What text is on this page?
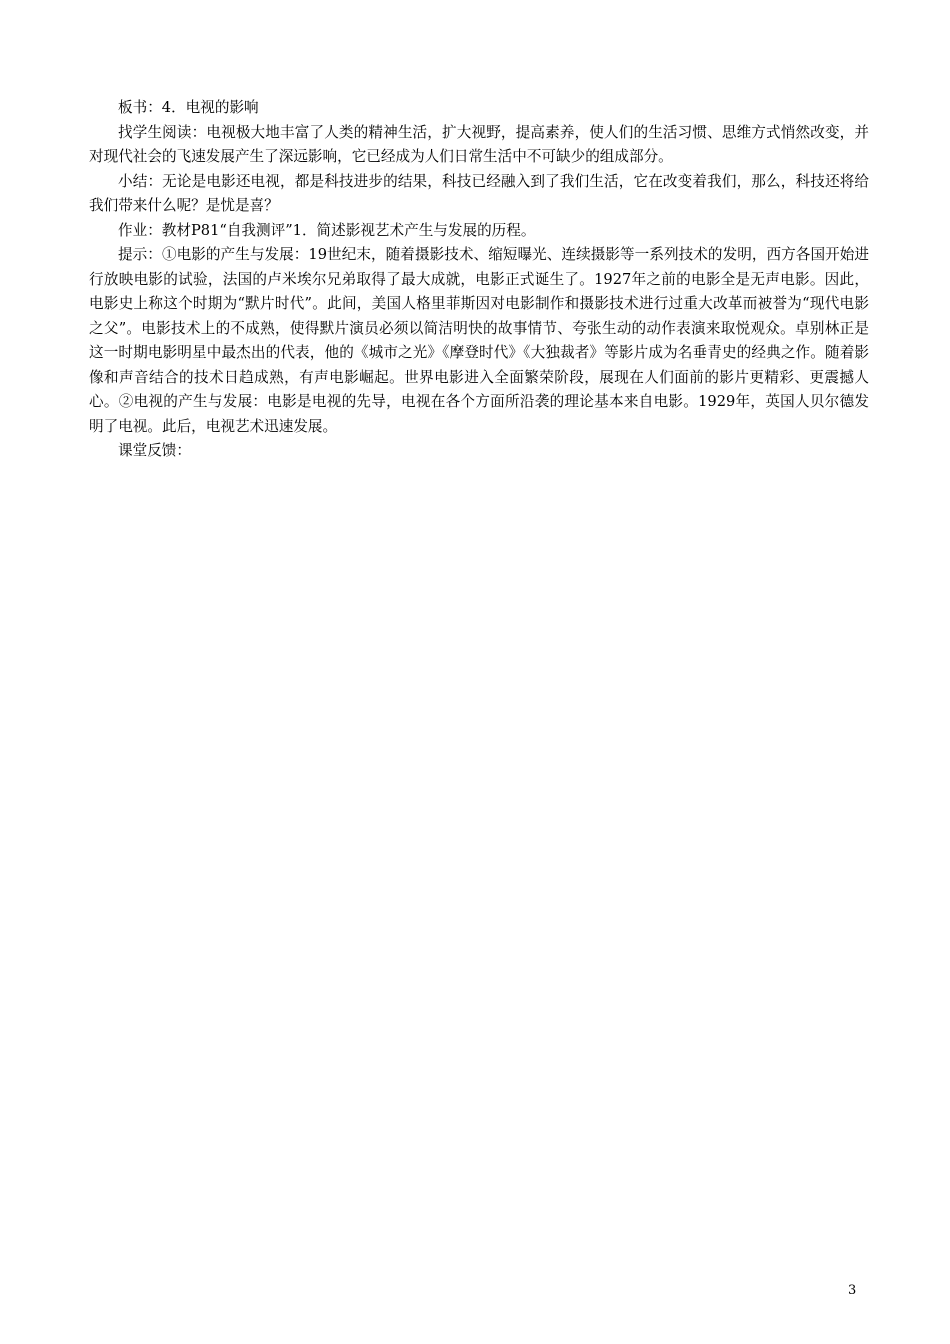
板书：4．电视的影响

找学生阅读：电视极大地丰富了人类的精神生活，扩大视野，提高素养，使人们的生活习惯、思维方式悄然改变，并对现代社会的飞速发展产生了深远影响，它已经成为人们日常生活中不可缺少的组成部分。

小结：无论是电影还电视，都是科技进步的结果，科技已经融入到了我们生活，它在改变着我们，那么，科技还将给我们带来什么呢？是忧是喜？

作业：教材P81“自我测评”1．简述影视艺术产生与发展的历程。

提示：①电影的产生与发展：19世纪末，随着摄影技术、缩短曝光、连续摄影等一系列技术的发明，西方各国开始进行放映电影的试验，法国的卢米埃尔兄弟取得了最大成就，电影正式诞生了。1927年之前的电影全是无声电影。因此，电影史上称这个时期为“默片时代”。此间，美国人格里菲斯因对电影制作和摄影技术进行过重大改革而被誉为“现代电影之父”。电影技术上的不成熟，使得默片演员必须以简洁明快的故事情节、夸张生动的动作表演来取悦观众。卓别林正是这一时期电影明星中最杰出的代表，他的《城市之光》《摩登时代》《大独裁者》等影片成为名垂青史的经典之作。随着影像和声音结合的技术日趋成熟，有声电影崛起。世界电影进入全面繁荣阶段，展现在人们面前的影片更精彩、更震撼人心。②电视的产生与发展：电影是电视的先导，电视在各个方面所沿袭的理论基本来自电影。1929年，英国人贝尔德发明了电视。此后，电视艺术迅速发展。

课堂反馈：

3
